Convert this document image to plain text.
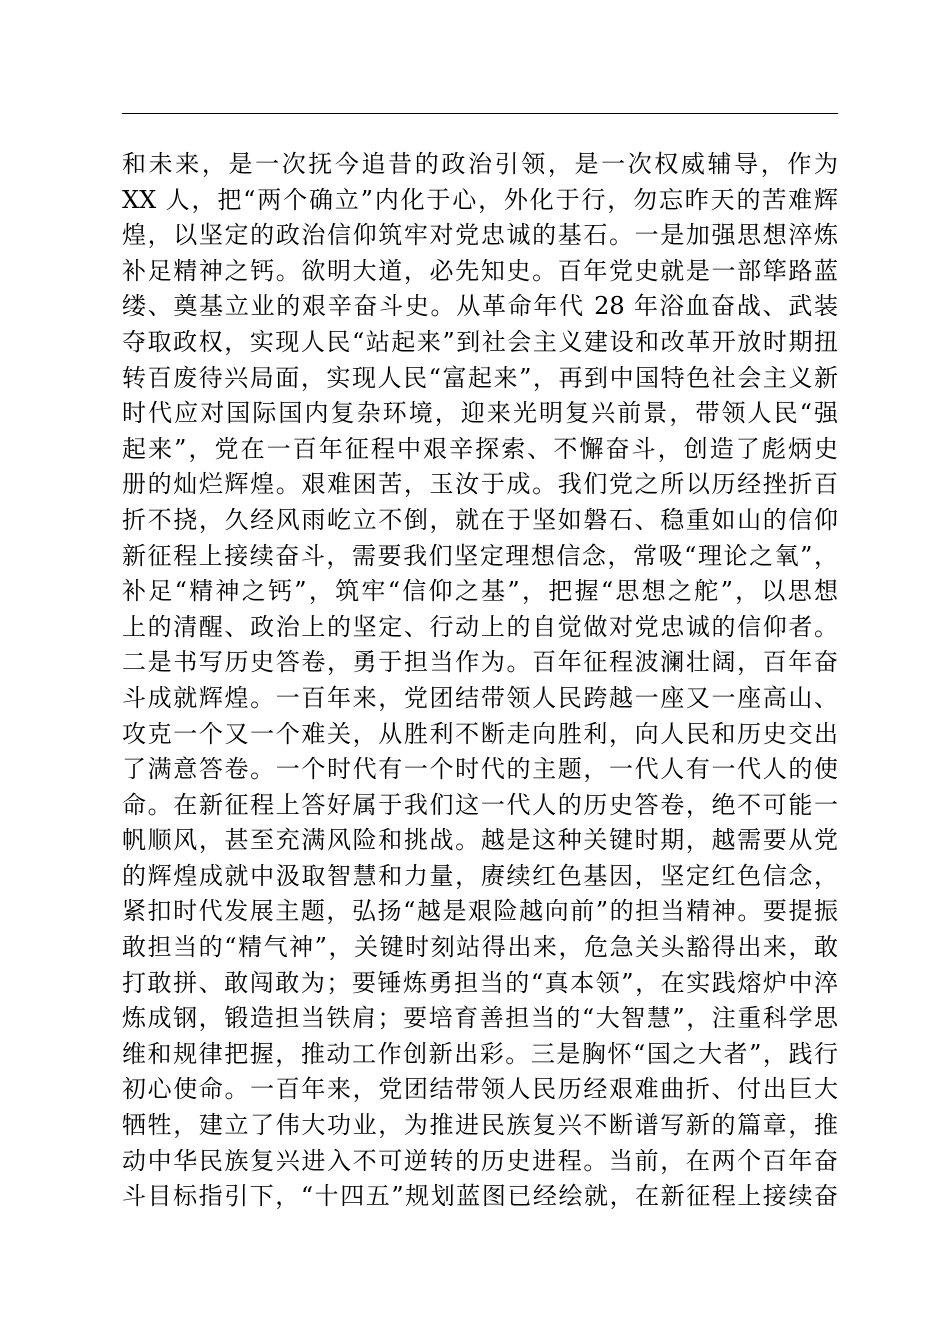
和未来，是一次抚今追昔的政治引领，是一次权威辅导，作为
XX 人，把“两个确立”内化于心，外化于行，勿忘昨天的苦难辉
煌，以坚定的政治信仰筑牢对党忠诚的基石。一是加强思想淬炼
补足精神之钙。欲明大道，必先知史。百年党史就是一部筚路蓝
缕、奠基立业的艰辛奋斗史。从革命年代 28 年浴血奋战、武装
夺取政权，实现人民“站起来”到社会主义建设和改革开放时期扭
转百废待兴局面，实现人民“富起来”，再到中国特色社会主义新
时代应对国际国内复杂环境，迎来光明复兴前景，带领人民“强
起来”，党在一百年征程中艰辛探索、不懈奋斗，创造了彪炳史
册的灿烂辉煌。艰难困苦，玉汝于成。我们党之所以历经挫折百
折不挠，久经风雨屹立不倒，就在于坚如磐石、稳重如山的信仰
新征程上接续奋斗，需要我们坚定理想信念，常吸“理论之氧”，
补足“精神之钙”，筑牢“信仰之基”，把握“思想之舵”，以思想
上的清醒、政治上的坚定、行动上的自觉做对党忠诚的信仰者。
二是书写历史答卷，勇于担当作为。百年征程波澜壮阔，百年奋
斗成就辉煌。一百年来，党团结带领人民跨越一座又一座高山、
攻克一个又一个难关，从胜利不断走向胜利，向人民和历史交出
了满意答卷。一个时代有一个时代的主题，一代人有一代人的使
命。在新征程上答好属于我们这一代人的历史答卷，绝不可能一
帆顺风，甚至充满风险和挑战。越是这种关键时期，越需要从党
的辉煌成就中汲取智慧和力量，赓续红色基因，坚定红色信念，
紧扣时代发展主题，弘扬“越是艰险越向前”的担当精神。要提振
敢担当的“精气神”，关键时刻站得出来，危急关头豁得出来，敢
打敢拼、敢闯敢为；要锤炼勇担当的“真本领”，在实践熔炉中淬
炼成钢，锻造担当铁肩；要培育善担当的“大智慧”，注重科学思
维和规律把握，推动工作创新出彩。三是胸怀“国之大者”，践行
初心使命。一百年来，党团结带领人民历经艰难曲折、付出巨大
牺牲，建立了伟大功业，为推进民族复兴不断谱写新的篇章，推
动中华民族复兴进入不可逆转的历史进程。当前，在两个百年奋
斗目标指引下，“十四五”规划蓝图已经绘就，在新征程上接续奋
